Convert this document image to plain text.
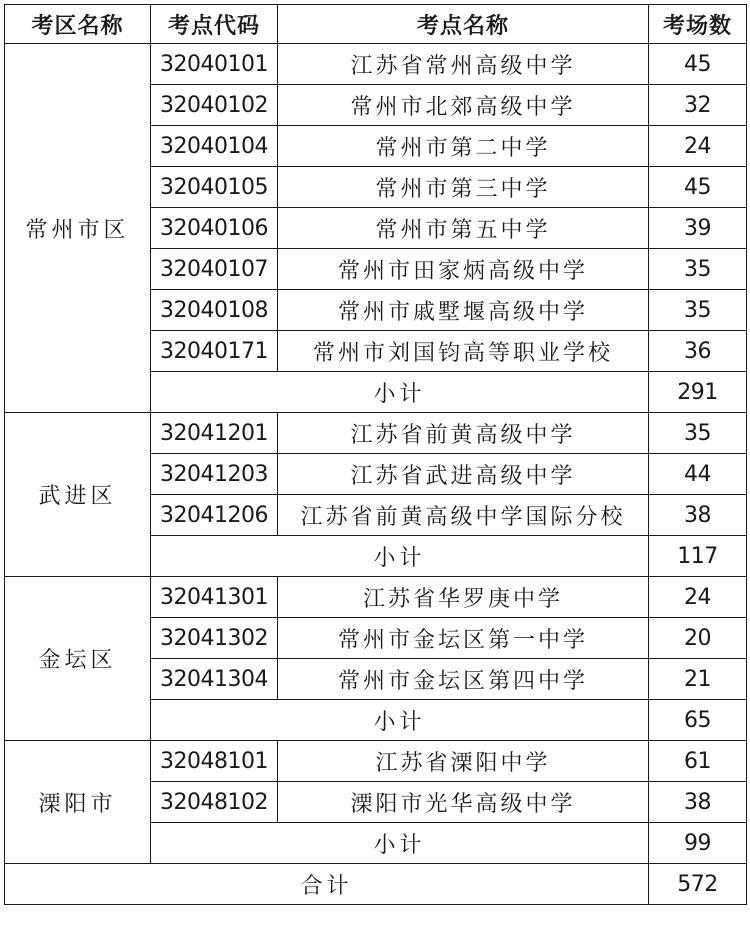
考区名称	考点代码	考点名称	考场数
常州市区	32040101	江苏省常州高级中学	45
	32040102	常州市北郊高级中学	32
	32040104	常州市第二中学	24
	32040105	常州市第三中学	45
	32040106	常州市第五中学	39
	32040107	常州市田家炳高级中学	35
	32040108	常州市戚墅堰高级中学	35
	32040171	常州市刘国钧高等职业学校	36
	小计		291
武进区	32041201	江苏省前黄高级中学	35
	32041203	江苏省武进高级中学	44
	32041206	江苏省前黄高级中学国际分校	38
	小计		117
金坛区	32041301	江苏省华罗庚中学	24
	32041302	常州市金坛区第一中学	20
	32041304	常州市金坛区第四中学	21
	小计		65
溧阳市	32048101	江苏省溧阳中学	61
	32048102	溧阳市光华高级中学	38
	小计		99
合计			572
